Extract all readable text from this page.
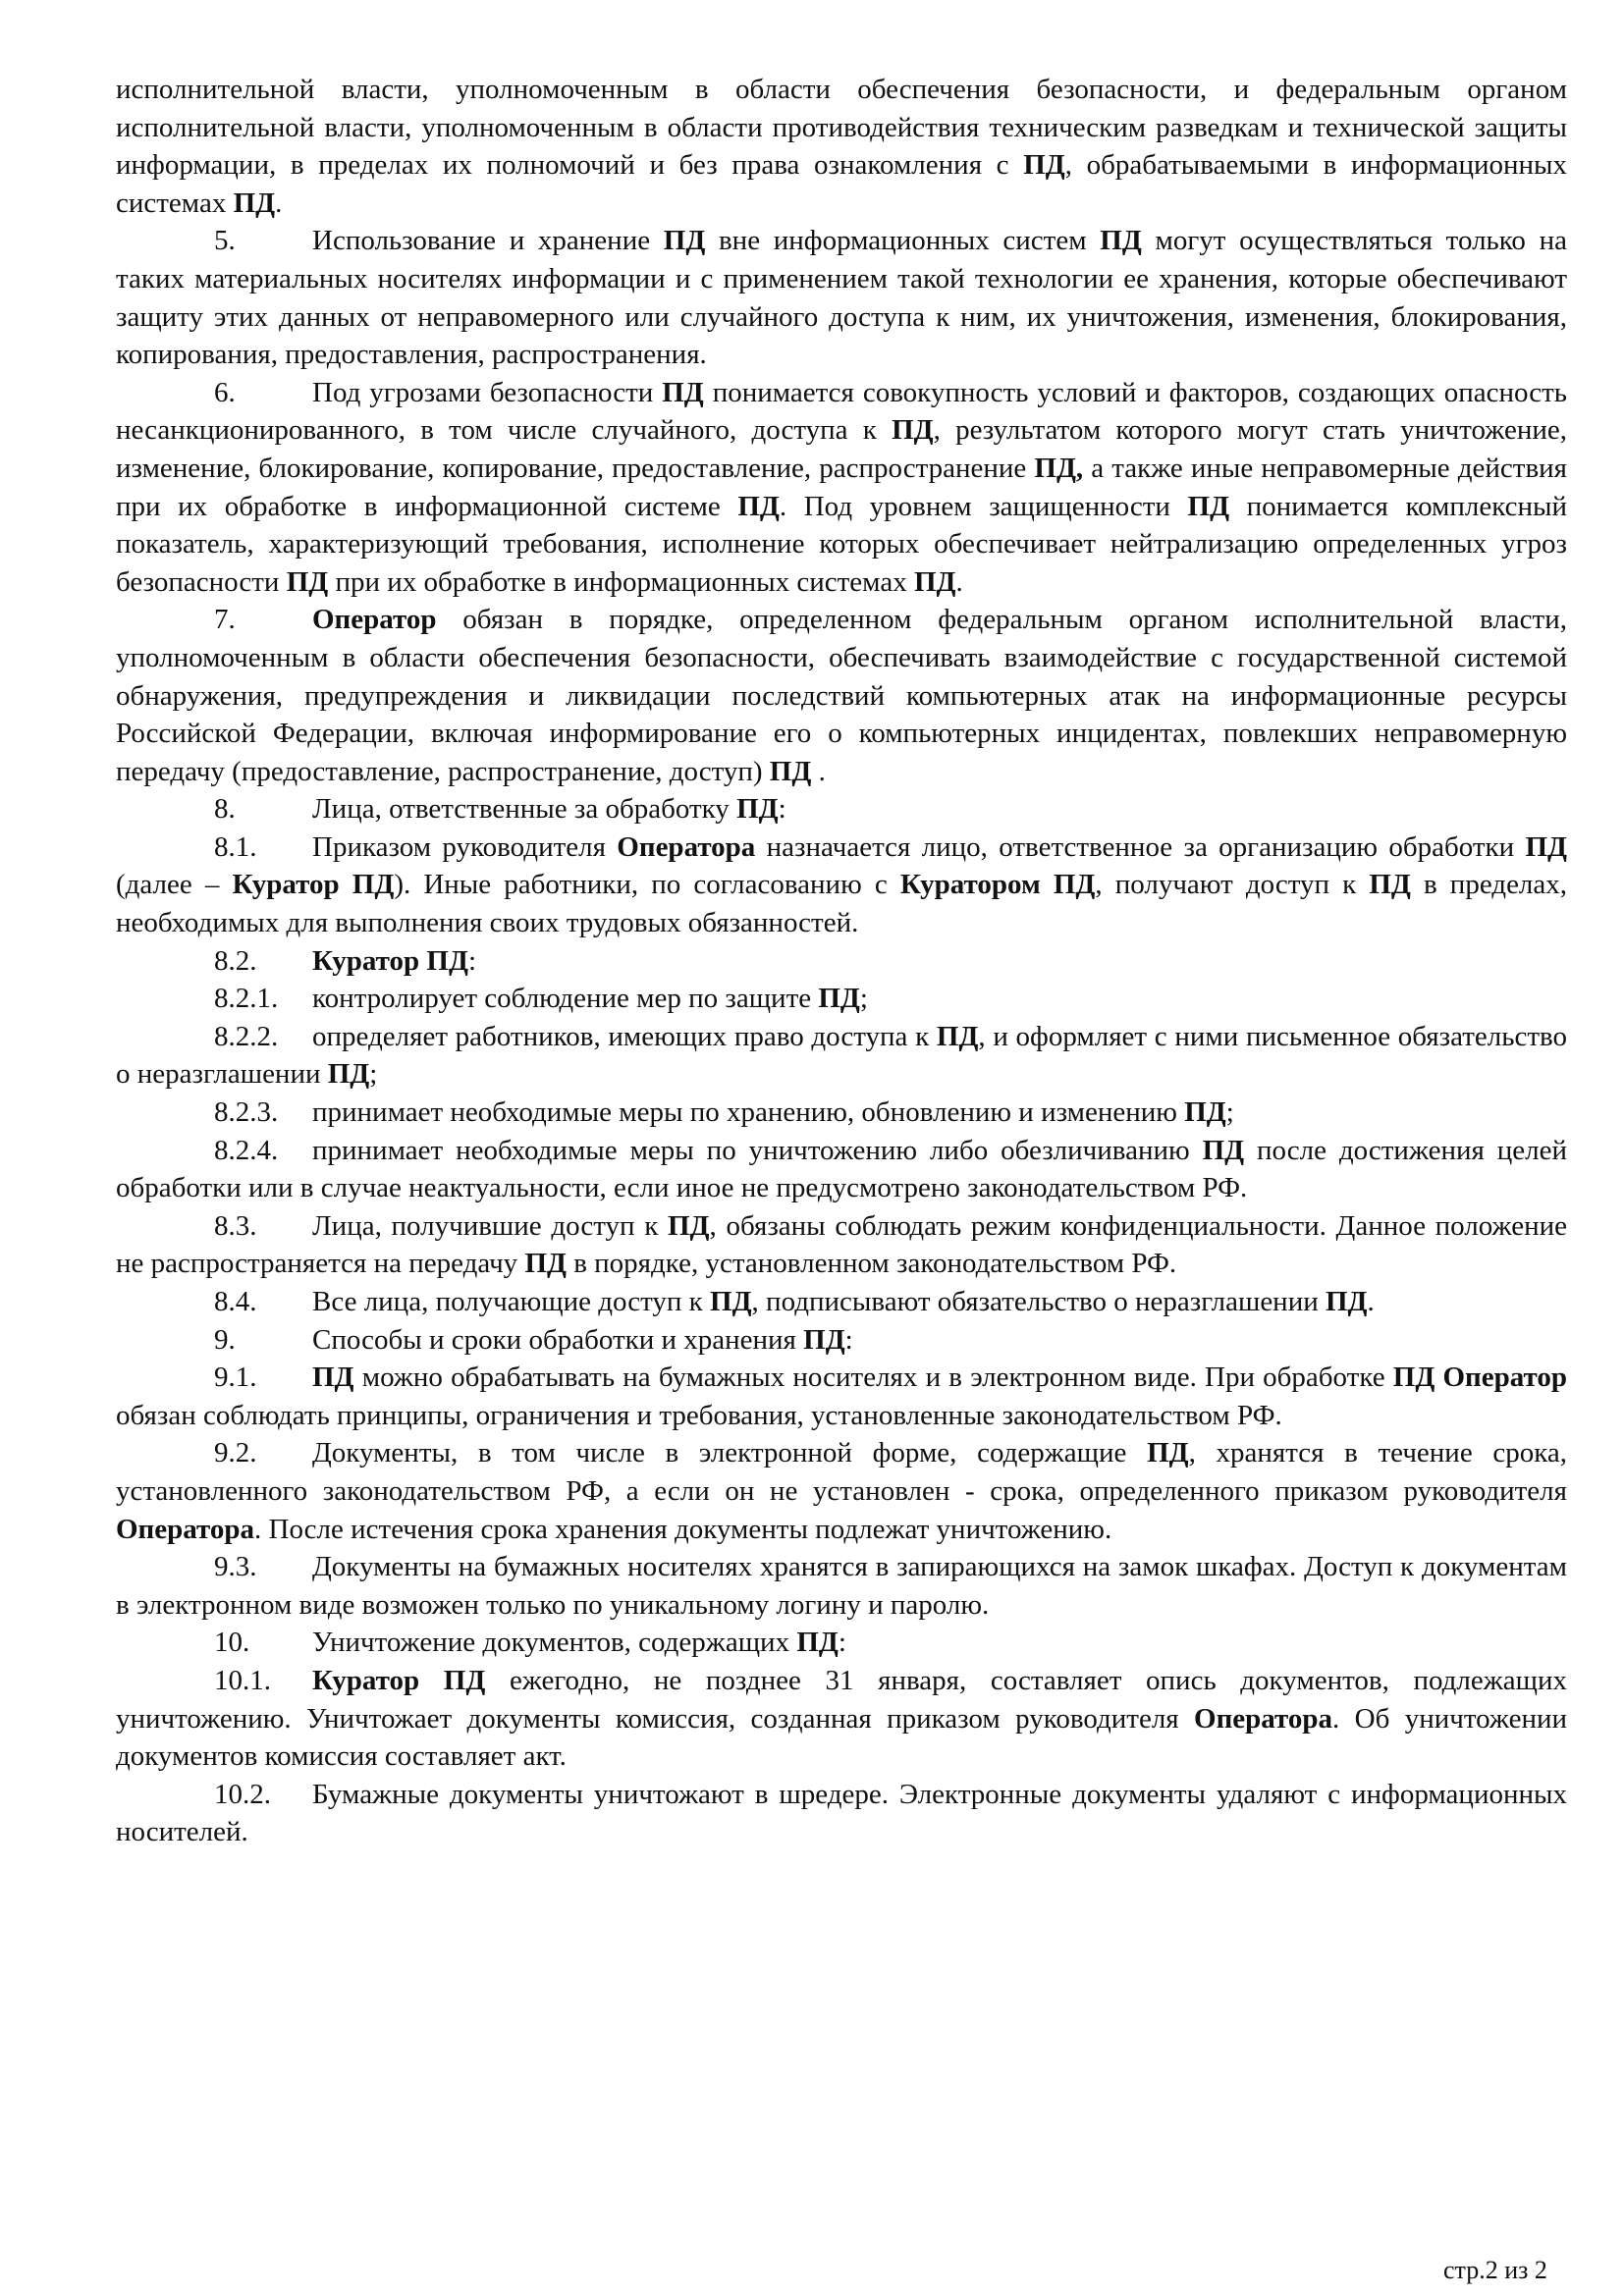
исполнительной власти, уполномоченным в области обеспечения безопасности, и федеральным органом исполнительной власти, уполномоченным в области противодействия техническим разведкам и технической защиты информации, в пределах их полномочий и без права ознакомления с ПД, обрабатываемыми в информационных системах ПД.

5.	Использование и хранение ПД вне информационных систем ПД могут осуществляться только на таких материальных носителях информации и с применением такой технологии ее хранения, которые обеспечивают защиту этих данных от неправомерного или случайного доступа к ним, их уничтожения, изменения, блокирования, копирования, предоставления, распространения.

6.	Под угрозами безопасности ПД понимается совокупность условий и факторов, создающих опасность несанкционированного, в том числе случайного, доступа к ПД, результатом которого могут стать уничтожение, изменение, блокирование, копирование, предоставление, распространение ПД, а также иные неправомерные действия при их обработке в информационной системе ПД. Под уровнем защищенности ПД понимается комплексный показатель, характеризующий требования, исполнение которых обеспечивает нейтрализацию определенных угроз безопасности ПД при их обработке в информационных системах ПД.

7.	Оператор обязан в порядке, определенном федеральным органом исполнительной власти, уполномоченным в области обеспечения безопасности, обеспечивать взаимодействие с государственной системой обнаружения, предупреждения и ликвидации последствий компьютерных атак на информационные ресурсы Российской Федерации, включая информирование его о компьютерных инцидентах, повлекших неправомерную передачу (предоставление, распространение, доступ) ПД .

8.	Лица, ответственные за обработку ПД:

8.1. Приказом руководителя Оператора назначается лицо, ответственное за организацию обработки ПД (далее – Куратор ПД). Иные работники, по согласованию с Куратором ПД, получают доступ к ПД в пределах, необходимых для выполнения своих трудовых обязанностей.

8.2. Куратор ПД:

8.2.1. контролирует соблюдение мер по защите ПД;

8.2.2. определяет работников, имеющих право доступа к ПД, и оформляет с ними письменное обязательство о неразглашении ПД;

8.2.3. принимает необходимые меры по хранению, обновлению и изменению ПД;

8.2.4. принимает необходимые меры по уничтожению либо обезличиванию ПД после достижения целей обработки или в случае неактуальности, если иное не предусмотрено законодательством РФ.

8.3. Лица, получившие доступ к ПД, обязаны соблюдать режим конфиденциальности. Данное положение не распространяется на передачу ПД в порядке, установленном законодательством РФ.

8.4. Все лица, получающие доступ к ПД, подписывают обязательство о неразглашении ПД.

9.	Способы и сроки обработки и хранения ПД:

9.1. ПД можно обрабатывать на бумажных носителях и в электронном виде. При обработке ПД Оператор обязан соблюдать принципы, ограничения и требования, установленные законодательством РФ.

9.2. Документы, в том числе в электронной форме, содержащие ПД, хранятся в течение срока, установленного законодательством РФ, а если он не установлен - срока, определенного приказом руководителя Оператора. После истечения срока хранения документы подлежат уничтожению.

9.3. Документы на бумажных носителях хранятся в запирающихся на замок шкафах. Доступ к документам в электронном виде возможен только по уникальному логину и паролю.

10. Уничтожение документов, содержащих ПД:

10.1. Куратор ПД ежегодно, не позднее 31 января, составляет опись документов, подлежащих уничтожению. Уничтожает документы комиссия, созданная приказом руководителя Оператора. Об уничтожении документов комиссия составляет акт.

10.2. Бумажные документы уничтожают в шредере. Электронные документы удаляют с информационных носителей.

стр.2 из 2
